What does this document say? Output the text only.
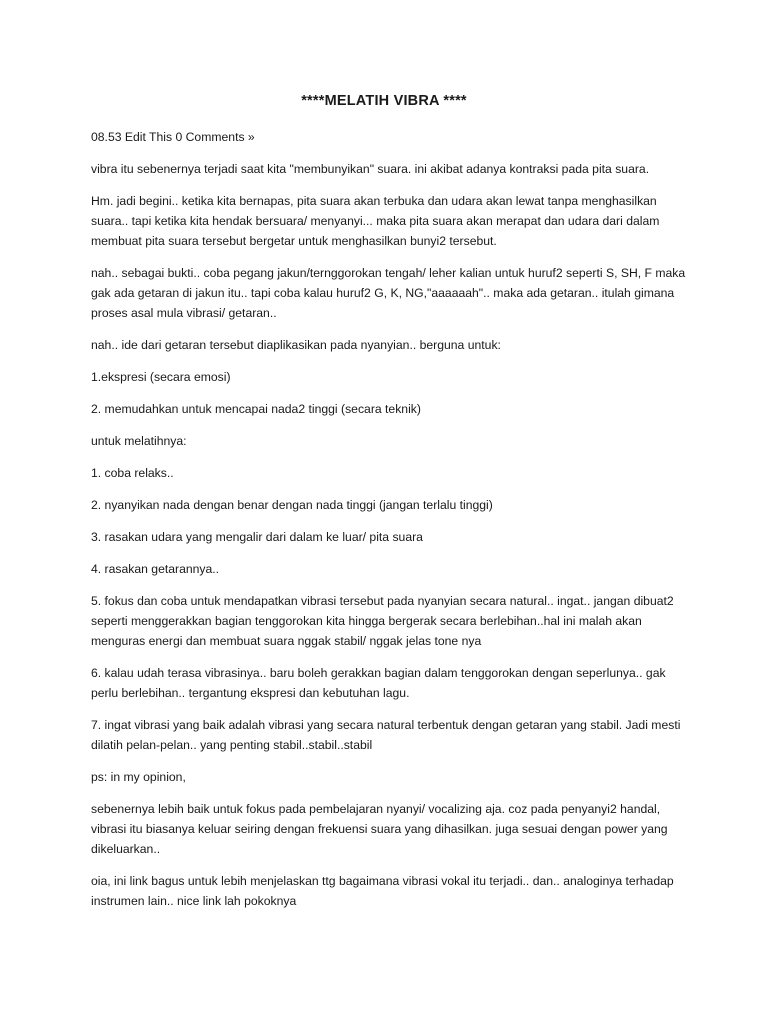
****MELATIH VIBRA ****
08.53 Edit This 0 Comments »

vibra itu sebenernya terjadi saat kita "membunyikan" suara. ini akibat adanya kontraksi pada pita suara.

Hm. jadi begini.. ketika kita bernapas, pita suara akan terbuka dan udara akan lewat tanpa menghasilkan suara.. tapi ketika kita hendak bersuara/ menyanyi... maka pita suara akan merapat dan udara dari dalam membuat pita suara tersebut bergetar untuk menghasilkan bunyi2 tersebut.

nah.. sebagai bukti.. coba pegang jakun/ternggorokan tengah/ leher kalian untuk huruf2 seperti S, SH, F maka gak ada getaran di jakun itu.. tapi coba kalau huruf2 G, K, NG,"aaaaaah".. maka ada getaran.. itulah gimana proses asal mula vibrasi/ getaran..

nah.. ide dari getaran tersebut diaplikasikan pada nyanyian.. berguna untuk:

1.ekspresi (secara emosi)

2. memudahkan untuk mencapai nada2 tinggi (secara teknik)

untuk melatihnya:

1. coba relaks..

2. nyanyikan nada dengan benar dengan nada tinggi (jangan terlalu tinggi)

3. rasakan udara yang mengalir dari dalam ke luar/ pita suara

4. rasakan getarannya..

5. fokus dan coba untuk mendapatkan vibrasi tersebut pada nyanyian secara natural.. ingat.. jangan dibuat2 seperti menggerakkan bagian tenggorokan kita hingga bergerak secara berlebihan..hal ini malah akan menguras energi dan membuat suara nggak stabil/ nggak jelas tone nya

6. kalau udah terasa vibrasinya.. baru boleh gerakkan bagian dalam tenggorokan dengan seperlunya.. gak perlu berlebihan.. tergantung ekspresi dan kebutuhan lagu.

7. ingat vibrasi yang baik adalah vibrasi yang secara natural terbentuk dengan getaran yang stabil. Jadi mesti dilatih pelan-pelan.. yang penting stabil..stabil..stabil

ps: in my opinion,

sebenernya lebih baik untuk fokus pada pembelajaran nyanyi/ vocalizing aja. coz pada penyanyi2 handal, vibrasi itu biasanya keluar seiring dengan frekuensi suara yang dihasilkan. juga sesuai dengan power yang dikeluarkan..

oia, ini link bagus untuk lebih menjelaskan ttg bagaimana vibrasi vokal itu terjadi.. dan.. analoginya terhadap instrumen lain.. nice link lah pokoknya
